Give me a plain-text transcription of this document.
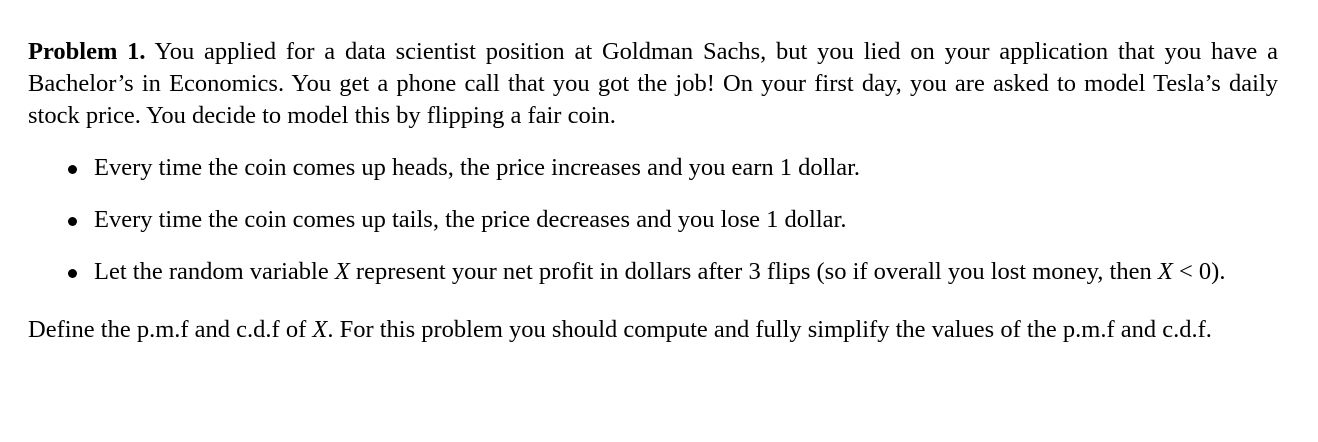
Problem 1. You applied for a data scientist position at Goldman Sachs, but you lied on your application that you have a Bachelor’s in Economics. You get a phone call that you got the job! On your first day, you are asked to model Tesla’s daily stock price. You decide to model this by flipping a fair coin.

Every time the coin comes up heads, the price increases and you earn 1 dollar.
Every time the coin comes up tails, the price decreases and you lose 1 dollar.
Let the random variable X represent your net profit in dollars after 3 flips (so if overall you lost money, then X < 0).

Define the p.m.f and c.d.f of X. For this problem you should compute and fully simplify the values of the p.m.f and c.d.f.
